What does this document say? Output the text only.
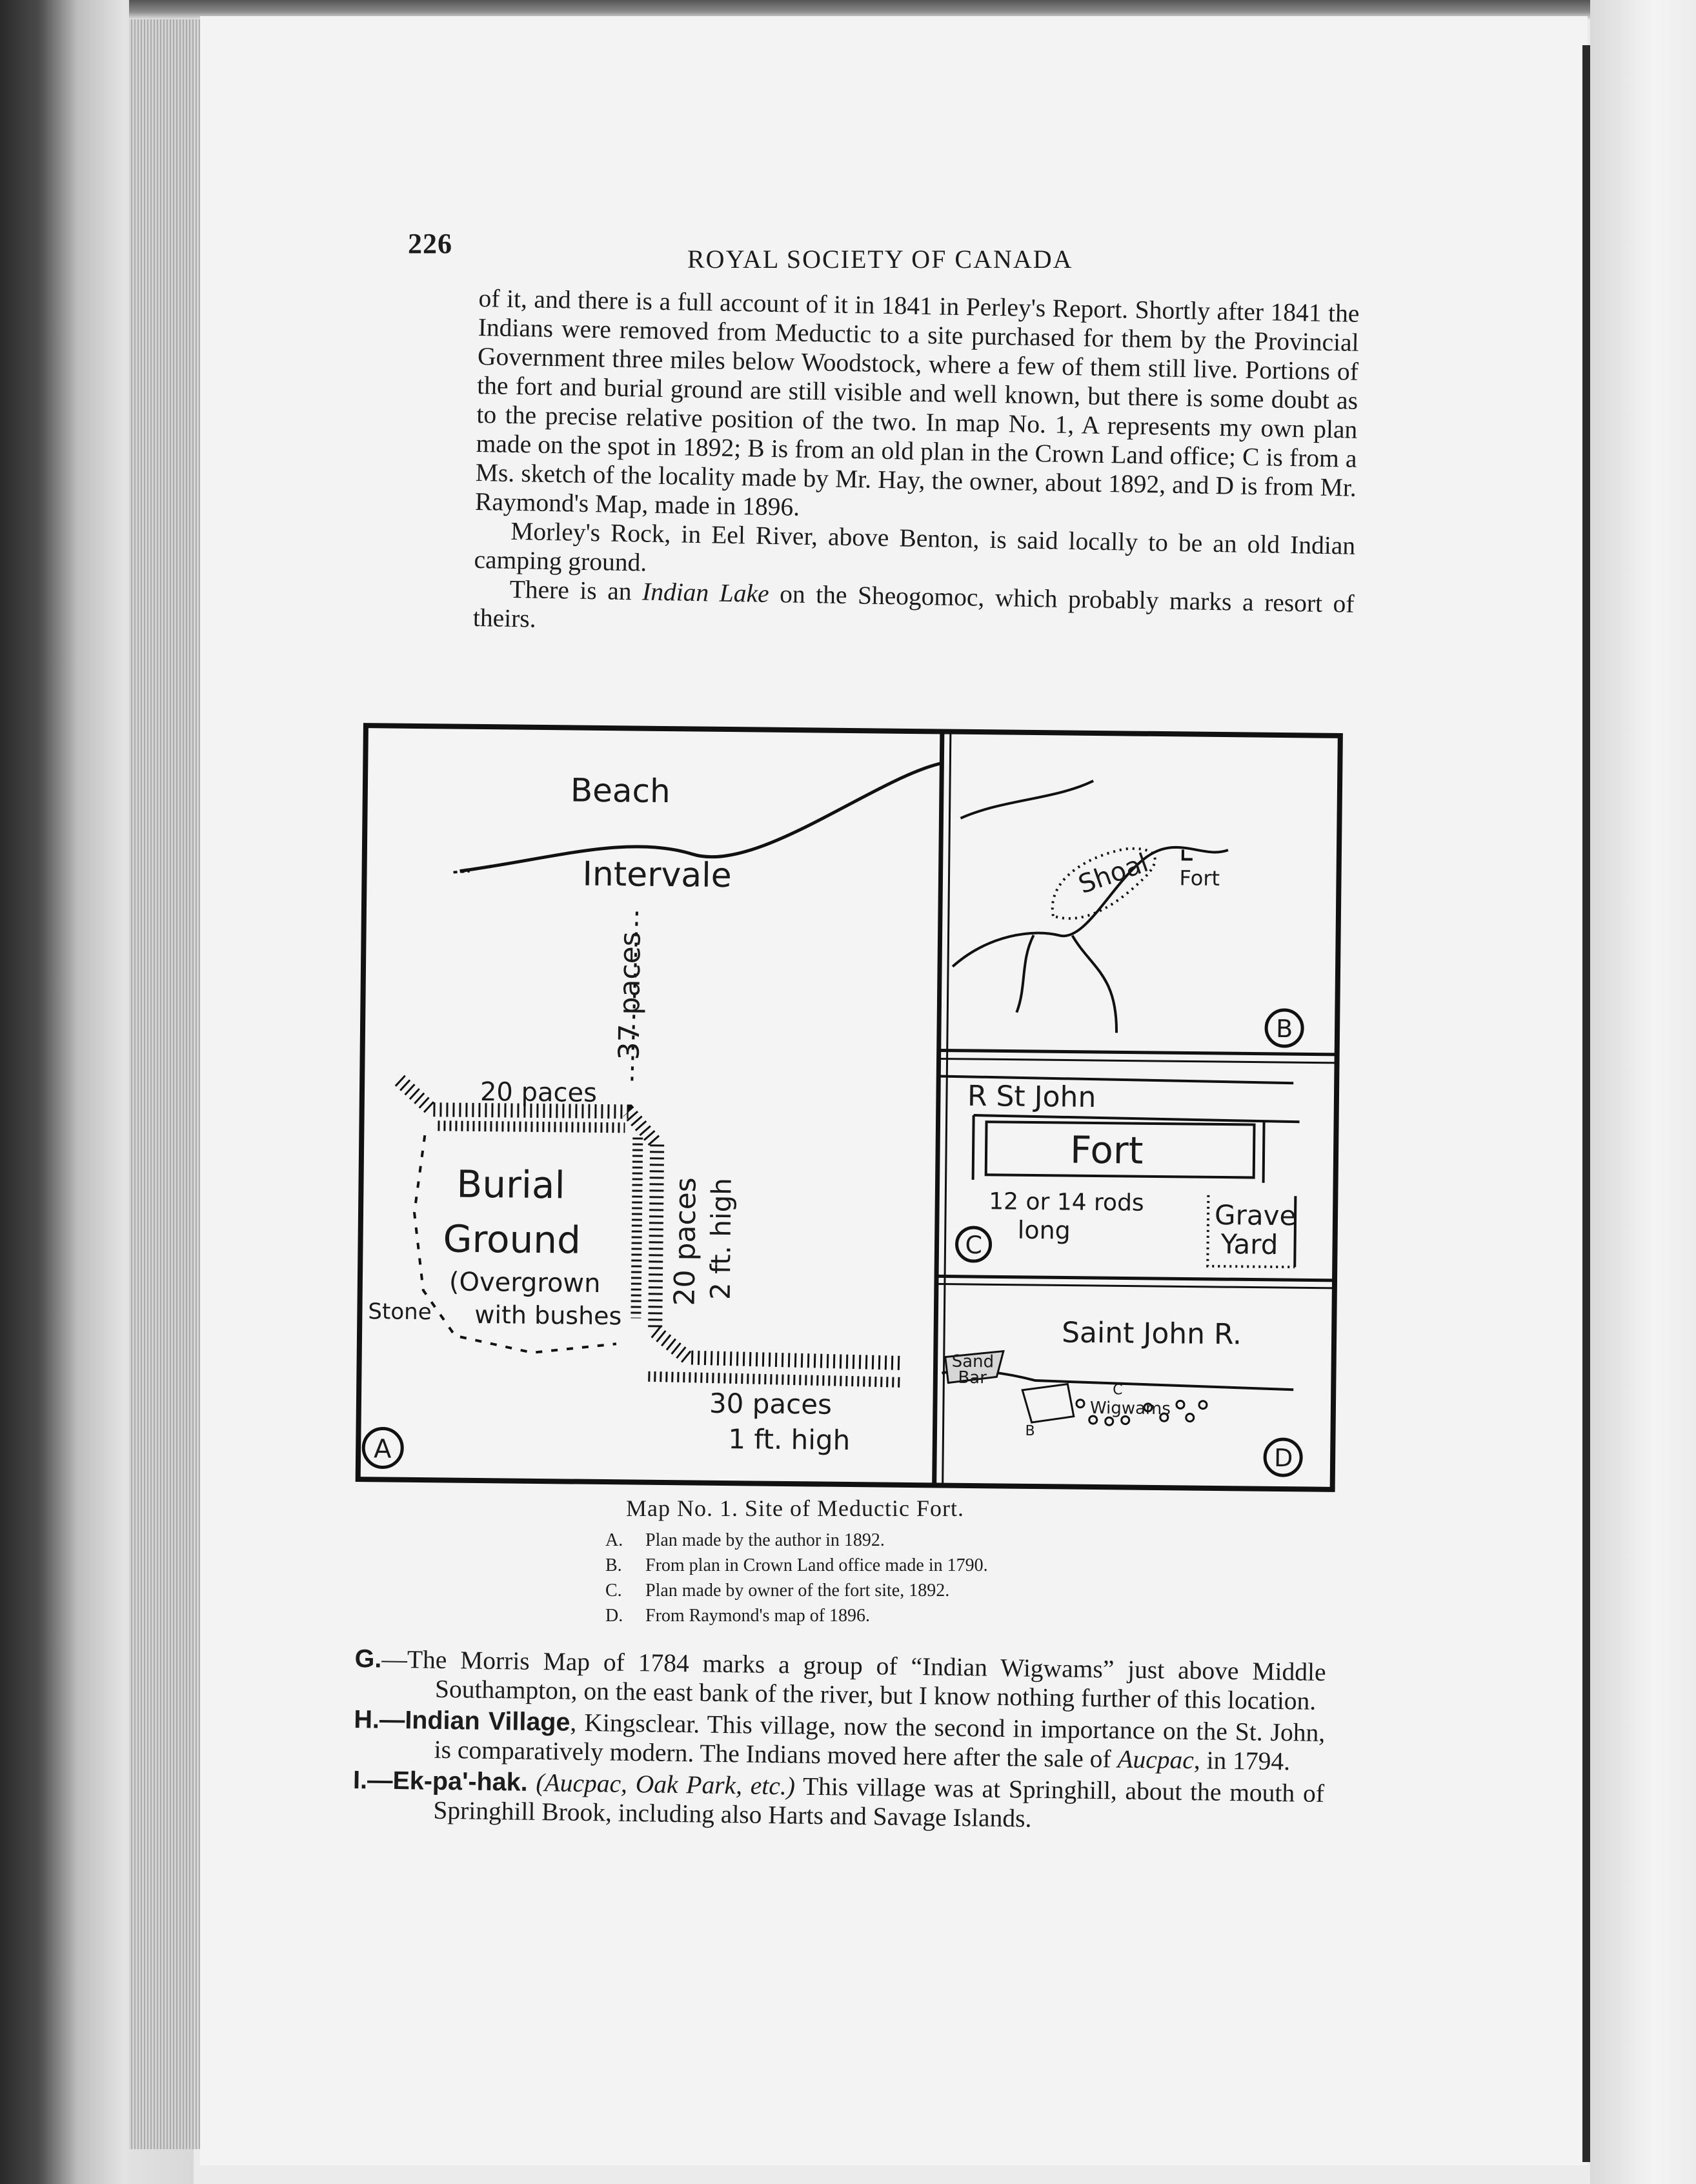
226	ROYAL SOCIETY OF CANADA

of it, and there is a full account of it in 1841 in Perley's Report. Shortly after 1841 the Indians were removed from Meductic to a site purchased for them by the Provincial Government three miles below Woodstock, where a few of them still live. Portions of the fort and burial ground are still visible and well known, but there is some doubt as to the precise relative position of the two. In map No. 1, A represents my own plan made on the spot in 1892; B is from an old plan in the Crown Land office; C is from a Ms. sketch of the locality made by Mr. Hay, the owner, about 1892, and D is from Mr. Raymond's Map, made in 1896.

Morley's Rock, in Eel River, above Benton, is said locally to be an old Indian camping ground.

There is an Indian Lake on the Sheogomoc, which probably marks a resort of theirs.

Beach
Intervale
37 paces
20 paces
Burial
Ground
(Overgrown
with bushes
Stone
20 paces 2 ft. high
30 paces
1 ft. high
A
Shoal Fort
B
R St John
Fort
12 or 14 rods
long	Grave
Yard
C
Saint John R.
Sand
Bar
B
C
Wigwams
D
Map No. 1. Site of Meductic Fort.
A.	Plan made by the author in 1892.
B.	From plan in Crown Land office made in 1790.
C.	Plan made by owner of the fort site, 1892.
D.	From Raymond's map of 1896.

G.—The Morris Map of 1784 marks a group of “Indian Wigwams” just above Middle Southampton, on the east bank of the river, but I know nothing further of this location.

H.—Indian Village, Kingsclear. This village, now the second in importance on the St. John, is comparatively modern. The Indians moved here after the sale of Aucpac, in 1794.

I.—Ek-paʹ-hak. (Aucpac, Oak Park, etc.) This village was at Springhill, about the mouth of Springhill Brook, including also Harts and Savage Islands.
